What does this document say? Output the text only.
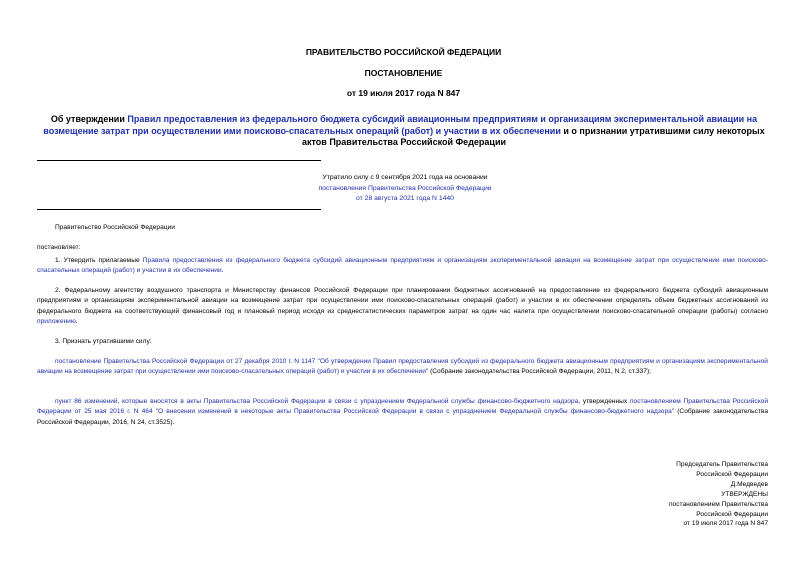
ПРАВИТЕЛЬСТВО РОССИЙСКОЙ ФЕДЕРАЦИИ
ПОСТАНОВЛЕНИЕ
от 19 июля 2017 года N 847
Об утверждении Правил предоставления из федерального бюджета субсидий авиационным предприятиям и организациям экспериментальной авиации на возмещение затрат при осуществлении ими поисково-спасательных операций (работ) и участии в их обеспечении и о признании утратившими силу некоторых актов Правительства Российской Федерации
Утратило силу с 9 сентября 2021 года на основании
постановления Правительства Российской Федерации
от 28 августа 2021 года N 1440
Правительство Российской Федерации
постановляет:
1. Утвердить прилагаемые Правила предоставления из федерального бюджета субсидий авиационным предприятиям и организациям экспериментальной авиации на возмещение затрат при осуществлении ими поисково-спасательных операций (работ) и участии в их обеспечении.
2. Федеральному агентству воздушного транспорта и Министерству финансов Российской Федерации при планировании бюджетных ассигнований на предоставление из федерального бюджета субсидий авиационным предприятиям и организациям экспериментальной авиации на возмещение затрат при осуществлении ими поисково-спасательных операций (работ) и участии в их обеспечении определять объем бюджетных ассигнований из федерального бюджета на соответствующий финансовый год и плановый период исходя из среднестатистических параметров затрат на один час налета при осуществлении поисково-спасательной операции (работы) согласно приложению.
3. Признать утратившими силу:
постановление Правительства Российской Федерации от 27 декабря 2010 г. N 1147 "Об утверждении Правил предоставления субсидий из федерального бюджета авиационным предприятиям и организациям экспериментальной авиации на возмещение затрат при осуществлении ими поисково-спасательных операций (работ) и участии в их обеспечении" (Собрание законодательства Российской Федерации, 2011, N 2, ст.337);
пункт 86 изменений, которые вносятся в акты Правительства Российской Федерации в связи с упразднением Федеральной службы финансово-бюджетного надзора, утвержденных постановлением Правительства Российской Федерации от 25 мая 2016 г. N 464 "О внесении изменений в некоторые акты Правительства Российской Федерации в связи с упразднением Федеральной службы финансово-бюджетного надзора" (Собрание законодательства Российской Федерации, 2016, N 24, ст.3525).
Председатель Правительства
Российской Федерации
Д.Медведев
УТВЕРЖДЕНЫ
постановлением Правительства
Российской Федерации
от 19 июля 2017 года N 847
